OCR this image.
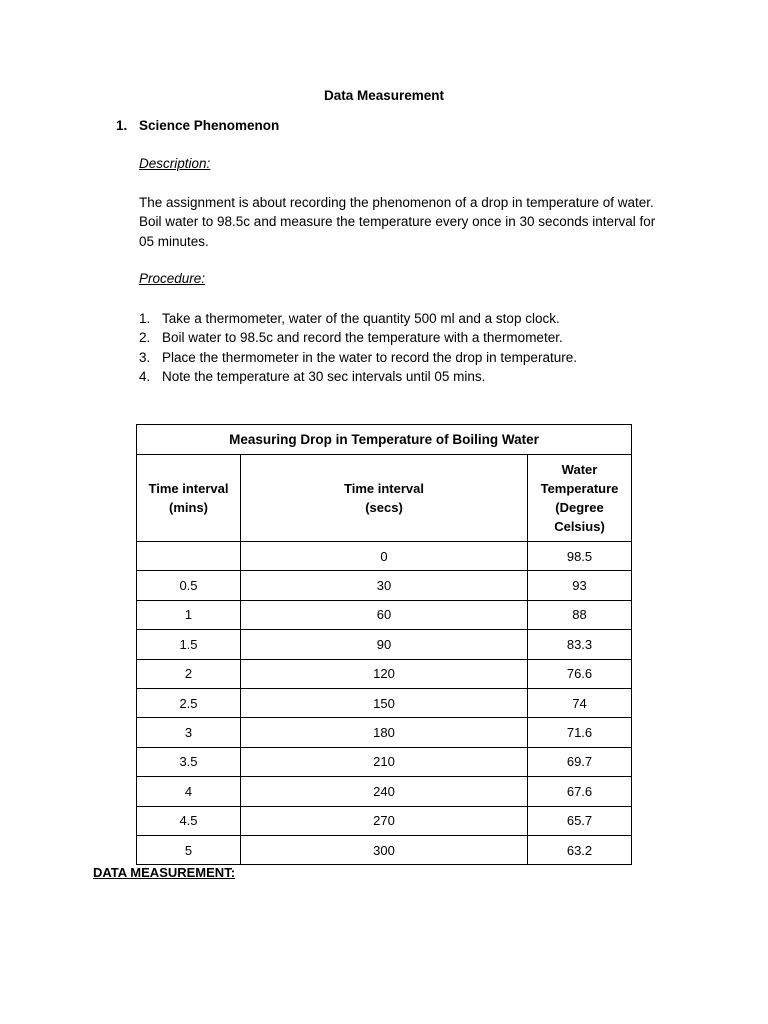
Data Measurement
1. Science Phenomenon

Description:

The assignment is about recording the phenomenon of a drop in temperature of water. Boil water to 98.5c and measure the temperature every once in 30 seconds interval for 05 minutes.

Procedure:

1. Take a thermometer, water of the quantity 500 ml and a stop clock.
2. Boil water to 98.5c and record the temperature with a thermometer.
3. Place the thermometer in the water to record the drop in temperature.
4. Note the temperature at 30 sec intervals until 05 mins.
Measuring Drop in Temperature of Boiling Water		
Time interval
(mins)	Time interval
(secs)	Water
Temperature
(Degree
Celsius)
	0	98.5
0.5	30	93
1	60	88
1.5	90	83.3
2	120	76.6
2.5	150	74
3	180	71.6
3.5	210	69.7
4	240	67.6
4.5	270	65.7
5	300	63.2

DATA MEASUREMENT:
